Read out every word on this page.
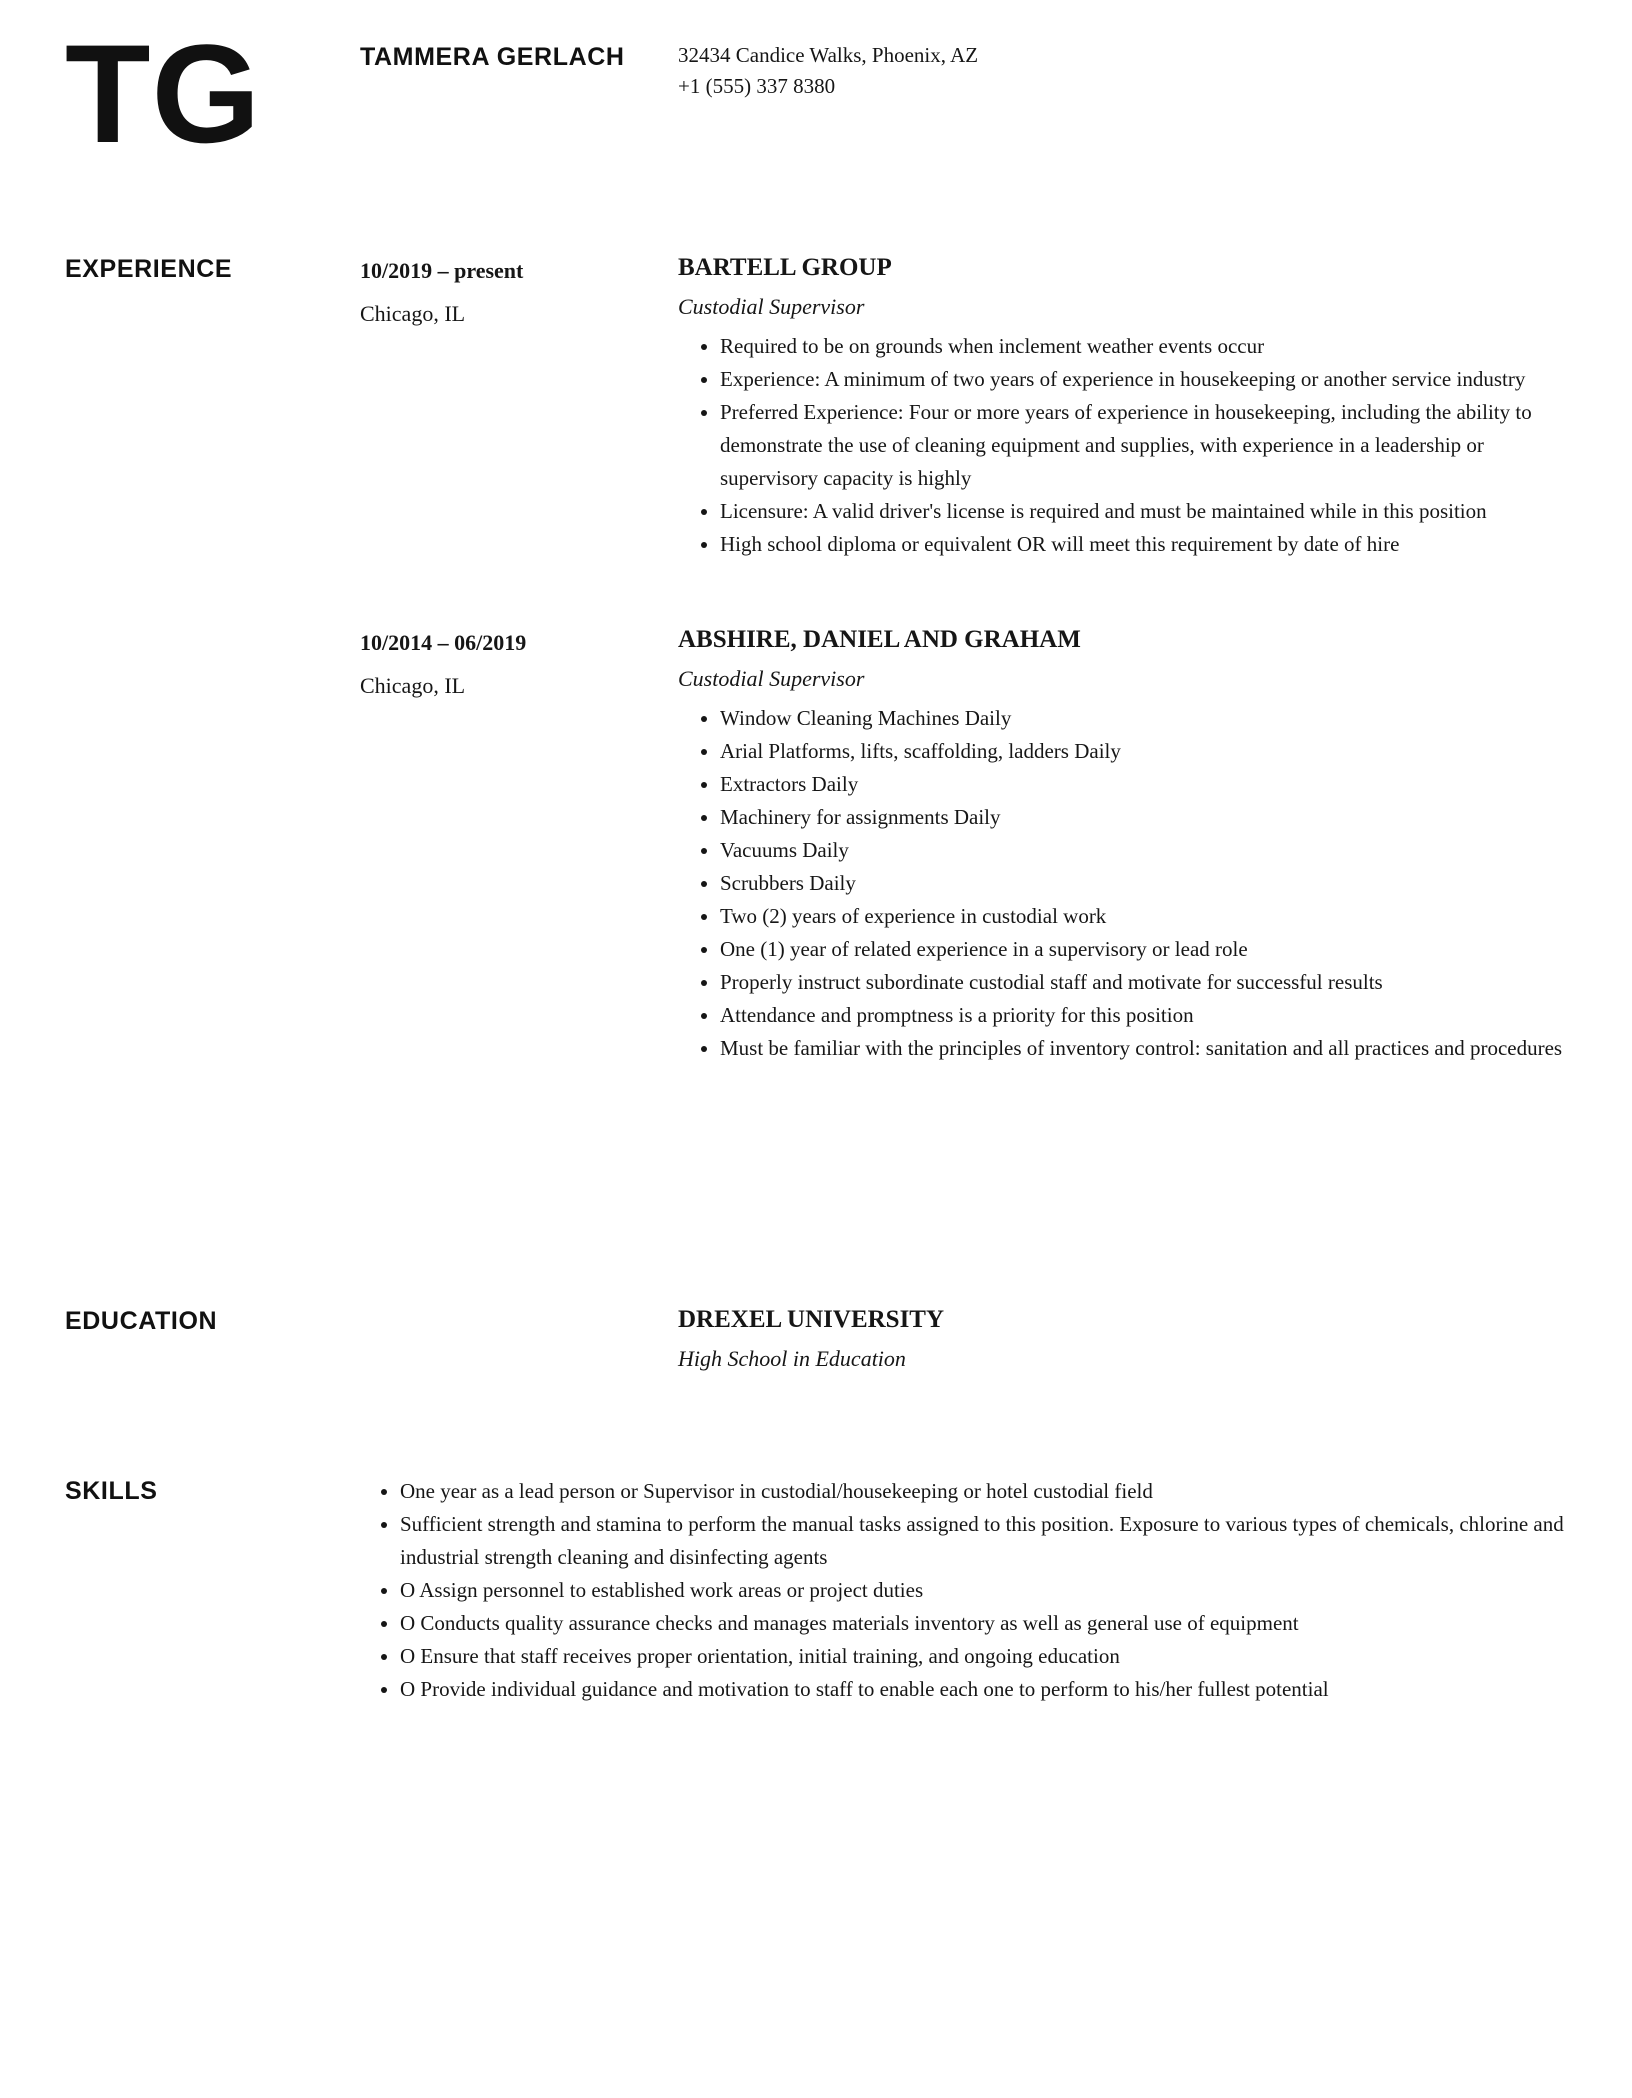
TG	TAMMERA GERLACH	32434 Candice Walks, Phoenix, AZ
+1 (555) 337 8380
EXPERIENCE	10/2019 – present
Chicago, IL
BARTELL GROUP
Custodial Supervisor
• Required to be on grounds when inclement weather events occur
• Experience: A minimum of two years of experience in housekeeping or another service industry
• Preferred Experience: Four or more years of experience in housekeeping, including the ability to demonstrate the use of cleaning equipment and supplies, with experience in a leadership or supervisory capacity is highly
• Licensure: A valid driver's license is required and must be maintained while in this position
• High school diploma or equivalent OR will meet this requirement by date of hire
10/2014 – 06/2019
Chicago, IL
ABSHIRE, DANIEL AND GRAHAM
Custodial Supervisor
• Window Cleaning Machines Daily
• Arial Platforms, lifts, scaffolding, ladders Daily
• Extractors Daily
• Machinery for assignments Daily
• Vacuums Daily
• Scrubbers Daily
• Two (2) years of experience in custodial work
• One (1) year of related experience in a supervisory or lead role
• Properly instruct subordinate custodial staff and motivate for successful results
• Attendance and promptness is a priority for this position
• Must be familiar with the principles of inventory control: sanitation and all practices and procedures
EDUCATION	DREXEL UNIVERSITY
High School in Education
SKILLS	• One year as a lead person or Supervisor in custodial/housekeeping or hotel custodial field
• Sufficient strength and stamina to perform the manual tasks assigned to this position. Exposure to various types of chemicals, chlorine and industrial strength cleaning and disinfecting agents
• O Assign personnel to established work areas or project duties
• O Conducts quality assurance checks and manages materials inventory as well as general use of equipment
• O Ensure that staff receives proper orientation, initial training, and ongoing education
• O Provide individual guidance and motivation to staff to enable each one to perform to his/her fullest potential
